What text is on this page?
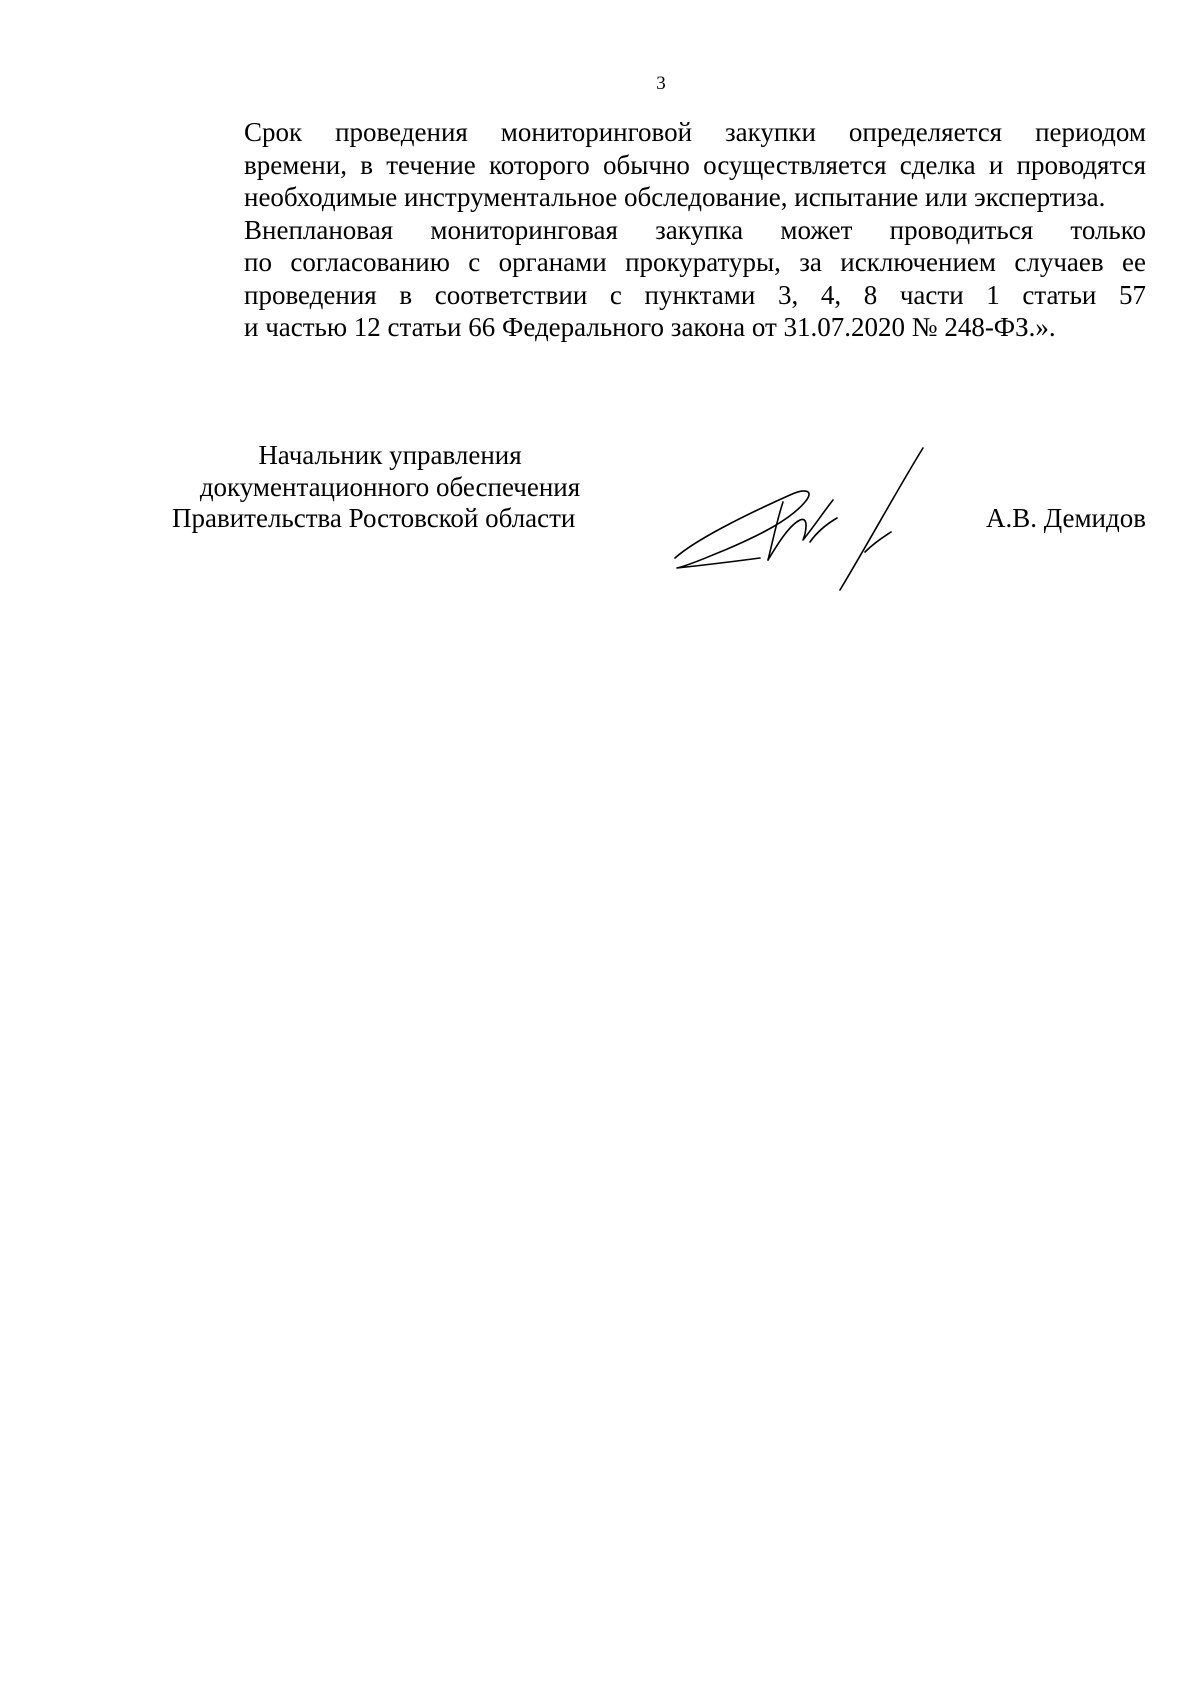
3

Срок проведения мониторинговой закупки определяется периодом
времени, в течение которого обычно осуществляется сделка и проводятся
необходимые инструментальное обследование, испытание или экспертиза.

Внеплановая мониторинговая закупка может проводиться только
по согласованию с органами прокуратуры, за исключением случаев ее
проведения в соответствии с пунктами 3, 4, 8 части 1 статьи 57
и частью 12 статьи 66 Федерального закона от 31.07.2020 № 248-ФЗ.».

Начальник управления
документационного обеспечения
Правительства Ростовской области	А.В. Демидов
